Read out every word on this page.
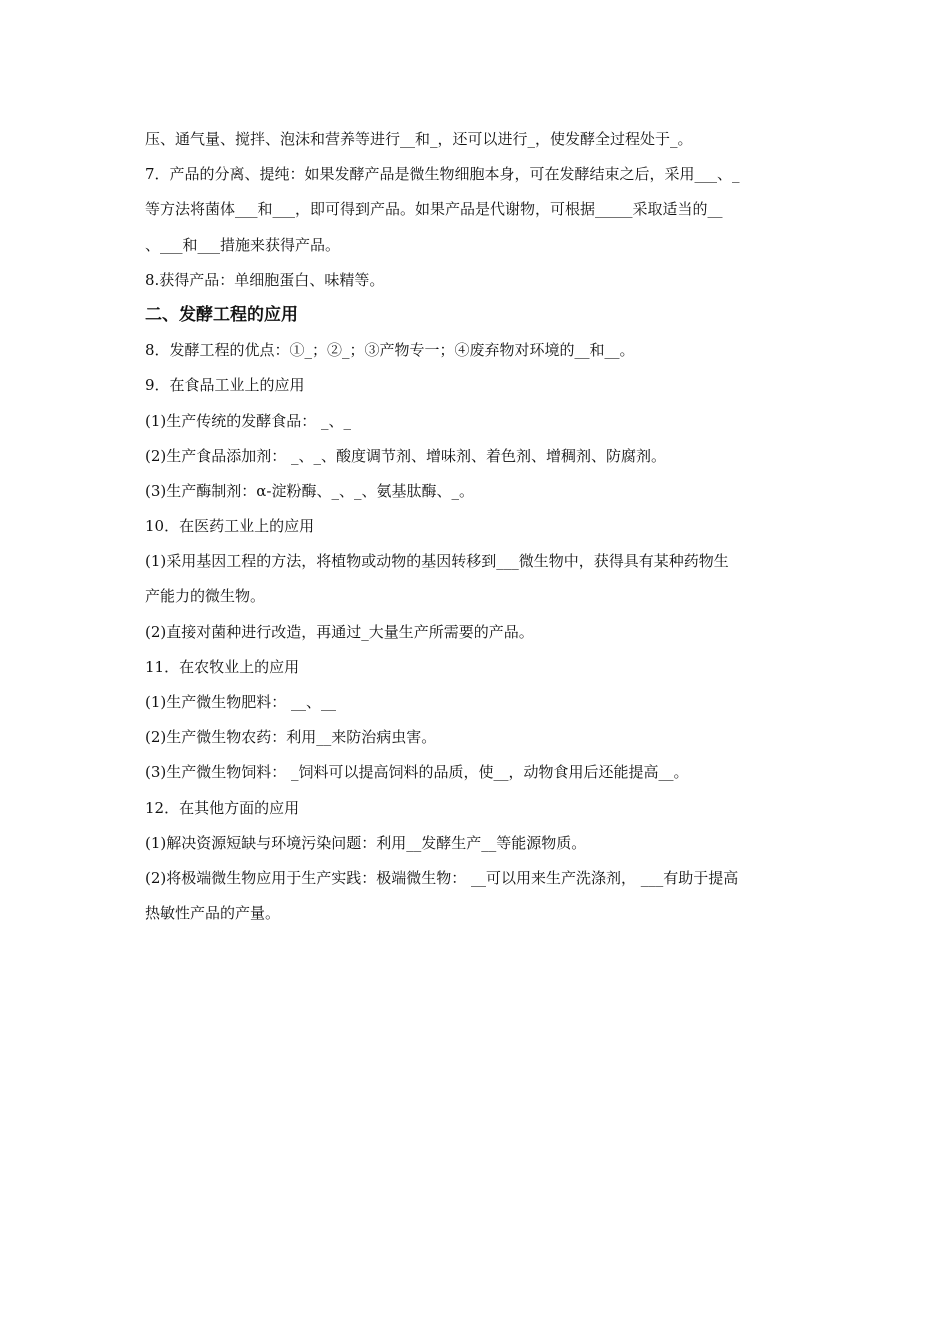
压、通气量、搅拌、泡沫和营养等进行__和_，还可以进行_，使发酵全过程处于_。
7．产品的分离、提纯：如果发酵产品是微生物细胞本身，可在发酵结束之后，采用___、_
等方法将菌体___和___，即可得到产品。如果产品是代谢物，可根据_____采取适当的__
、___和___措施来获得产品。
8.获得产品：单细胞蛋白、味精等。
二、发酵工程的应用
8．发酵工程的优点：①_；②_；③产物专一；④废弃物对环境的__和__。
9．在食品工业上的应用
(1)生产传统的发酵食品： _、_
(2)生产食品添加剂： _、_、酸度调节剂、增味剂、着色剂、增稠剂、防腐剂。
(3)生产酶制剂：α-淀粉酶、_、_、氨基肽酶、_。
10．在医药工业上的应用
(1)采用基因工程的方法，将植物或动物的基因转移到___微生物中，获得具有某种药物生
产能力的微生物。
(2)直接对菌种进行改造，再通过_大量生产所需要的产品。
11．在农牧业上的应用
(1)生产微生物肥料： __、__
(2)生产微生物农药：利用__来防治病虫害。
(3)生产微生物饲料： _饲料可以提高饲料的品质，使__，动物食用后还能提高__。
12．在其他方面的应用
(1)解决资源短缺与环境污染问题：利用__发酵生产__等能源物质。
(2)将极端微生物应用于生产实践：极端微生物： __可以用来生产洗涤剂， ___有助于提高
热敏性产品的产量。
